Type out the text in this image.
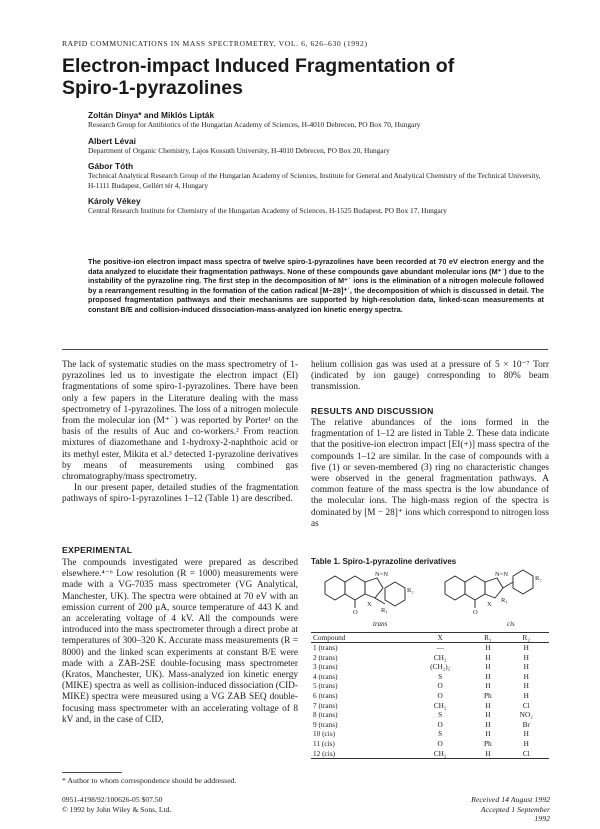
RAPID COMMUNICATIONS IN MASS SPECTROMETRY, VOL. 6, 626–630 (1992)
Electron-impact Induced Fragmentation of Spiro-1-pyrazolines
Zoltán Dinya* and Miklós Lipták
Research Group for Antibiotics of the Hungarian Academy of Sciences, H-4010 Debrecen, PO Box 70, Hungary
Albert Lévai
Department of Organic Chemistry, Lajos Kossuth University, H-4010 Debrecen, PO Box 20, Hungary
Gábor Tóth
Technical Analytical Research Group of the Hungarian Academy of Sciences, Institute for General and Analytical Chemistry of the Technical University, H-1111 Budapest, Gellért tér 4, Hungary
Károly Vékey
Central Research Institute for Chemistry of the Hungarian Academy of Sciences, H-1525 Budapest, PO Box 17, Hungary
The positive-ion electron impact mass spectra of twelve spiro-1-pyrazolines have been recorded at 70 eV electron energy and the data analyzed to elucidate their fragmentation pathways. None of these compounds gave abundant molecular ions (M⁺˙) due to the instability of the pyrazoline ring. The first step in the decomposition of M⁺˙ ions is the elimination of a nitrogen molecule followed by a rearrangement resulting in the formation of the cation radical [M−28]⁺˙, the decomposition of which is discussed in detail. The proposed fragmentation pathways and their mechanisms are supported by high-resolution data, linked-scan measurements at constant B/E and collision-induced dissociation-mass-analyzed ion kinetic energy spectra.

The lack of systematic studies on the mass spectrometry of 1-pyrazolines led us to investigate the electron impact (EI) fragmentations of some spiro-1-pyrazolines. There have been only a few papers in the Literature dealing with the mass spectrometry of 1-pyrazolines. The loss of a nitrogen molecule from the molecular ion (M⁺˙) was reported by Porter¹ on the basis of the results of Auc and co-workers.² From reaction mixtures of diazomethane and 1-hydroxy-2-naphthoic acid or its methyl ester, Mikita et al.³ detected 1-pyrazoline derivatives by means of measurements using combined gas chromatography/mass spectrometry.

In our present paper, detailed studies of the fragmentation pathways of spiro-1-pyrazolines 1–12 (Table 1) are described.

EXPERIMENTAL
The compounds investigated were prepared as described elsewhere.⁴⁻⁶ Low resolution (R = 1000) measurements were made with a VG-7035 mass spectrometer (VG Analytical, Manchester, UK). The spectra were obtained at 70 eV with an emission current of 200 μA, source temperature of 443 K and an accelerating voltage of 4 kV. All the compounds were introduced into the mass spectrometer through a direct probe at temperatures of 300–320 K. Accurate mass measurements (R = 8000) and the linked scan experiments at constant B/E were made with a ZAB-2SE double-focusing mass spectrometer (Kratos, Manchester, UK). Mass-analyzed ion kinetic energy (MIKE) spectra as well as collision-induced dissociation (CID-MIKE) spectra were measured using a VG ZAB SEQ double-focusing mass spectrometer with an accelerating voltage of 8 kV and, in the case of CID,
* Author to whom correspondence should be addressed.

helium collision gas was used at a pressure of 5 × 10⁻⁷ Torr (indicated by ion gauge) corresponding to 80% beam transmission.

RESULTS AND DISCUSSION
The relative abundances of the ions formed in the fragmentation of 1–12 are listed in Table 2. These data indicate that the positive-ion electron impact [EI(+)] mass spectra of the compounds 1–12 are similar. In the case of compounds with a five (1) or seven-membered (3) ring no characteristic changes were observed in the general fragmentation pathways. A common feature of the mass spectra is the low abundance of the molecular ions. The high-mass region of the spectra is dominated by [M − 28]⁺ ions which correspond to nitrogen loss as
Table 1. Spiro-1-pyrazoline derivatives
O	O
X	X
N=N	N=N
R₂
R₂
R₁
R₁
trans	cis
Compound	X	R₁	R₂
1 (trans)	—	H	H
2 (trans)	CH₂	H	H
3 (trans)	(CH₂)₂	H	H
4 (trans)	S	H	H
5 (trans)	O	H	H
6 (trans)	O	Ph	H
7 (trans)	CH₂	H	Cl
8 (trans)	S	H	NO₂
9 (trans)	O	H	Br
10 (cis)	S	H	H
11 (cis)	O	Ph	H
12 (cis)	CH₂	H	Cl
0951-4198/92/100626-05 $07.50
© 1992 by John Wiley & Sons, Ltd.
Received 14 August 1992
Accepted 1 September 1992
